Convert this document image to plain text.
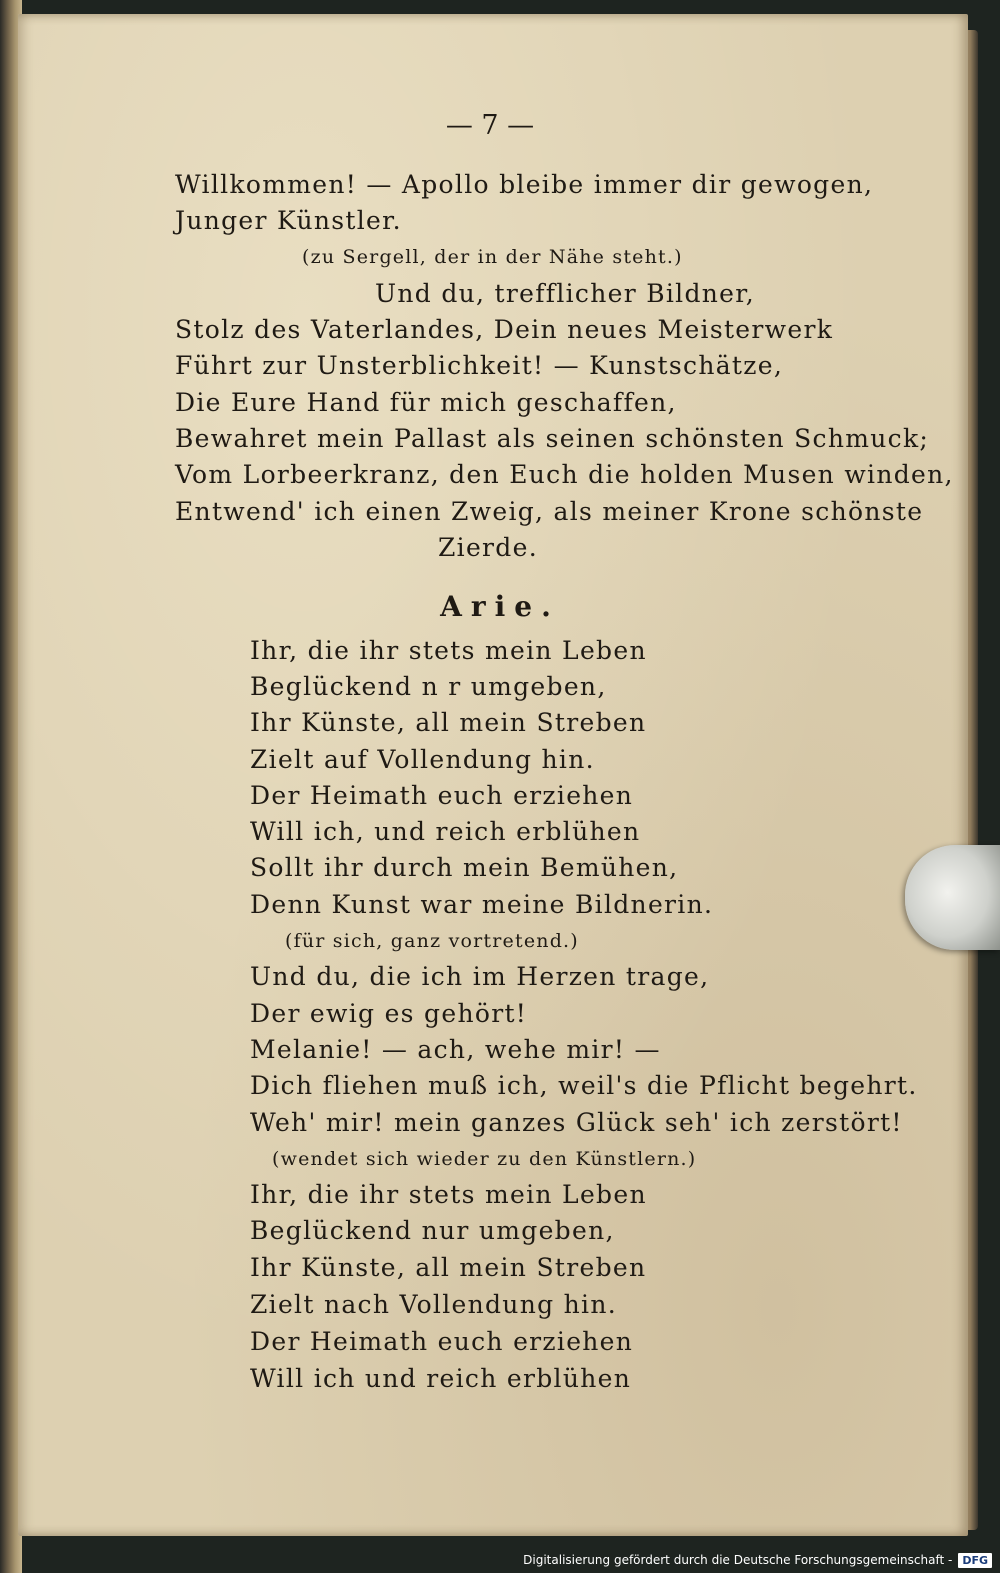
— 7 —
Willkommen! — Apollo bleibe immer dir gewogen,
Junger Künstler.
(zu Sergell, der in der Nähe steht.)
Und du, trefflicher Bildner,
Stolz des Vaterlandes, Dein neues Meisterwerk
Führt zur Unsterblichkeit! — Kunstschätze,
Die Eure Hand für mich geschaffen,
Bewahret mein Pallast als seinen schönsten Schmuck;
Vom Lorbeerkranz, den Euch die holden Musen winden,
Entwend' ich einen Zweig, als meiner Krone schönste
Zierde.
Arie.
Ihr, die ihr stets mein Leben
Beglückend n r umgeben,
Ihr Künste, all mein Streben
Zielt auf Vollendung hin.
Der Heimath euch erziehen
Will ich, und reich erblühen
Sollt ihr durch mein Bemühen,
Denn Kunst war meine Bildnerin.
(für sich, ganz vortretend.)
Und du, die ich im Herzen trage,
Der ewig es gehört!
Melanie! — ach, wehe mir! —
Dich fliehen muß ich, weil's die Pflicht begehrt.
Weh' mir! mein ganzes Glück seh' ich zerstört!
(wendet sich wieder zu den Künstlern.)
Ihr, die ihr stets mein Leben
Beglückend nur umgeben,
Ihr Künste, all mein Streben
Zielt nach Vollendung hin.
Der Heimath euch erziehen
Will ich und reich erblühen
Digitalisierung gefördert durch die Deutsche Forschungsgemeinschaft - DFG
